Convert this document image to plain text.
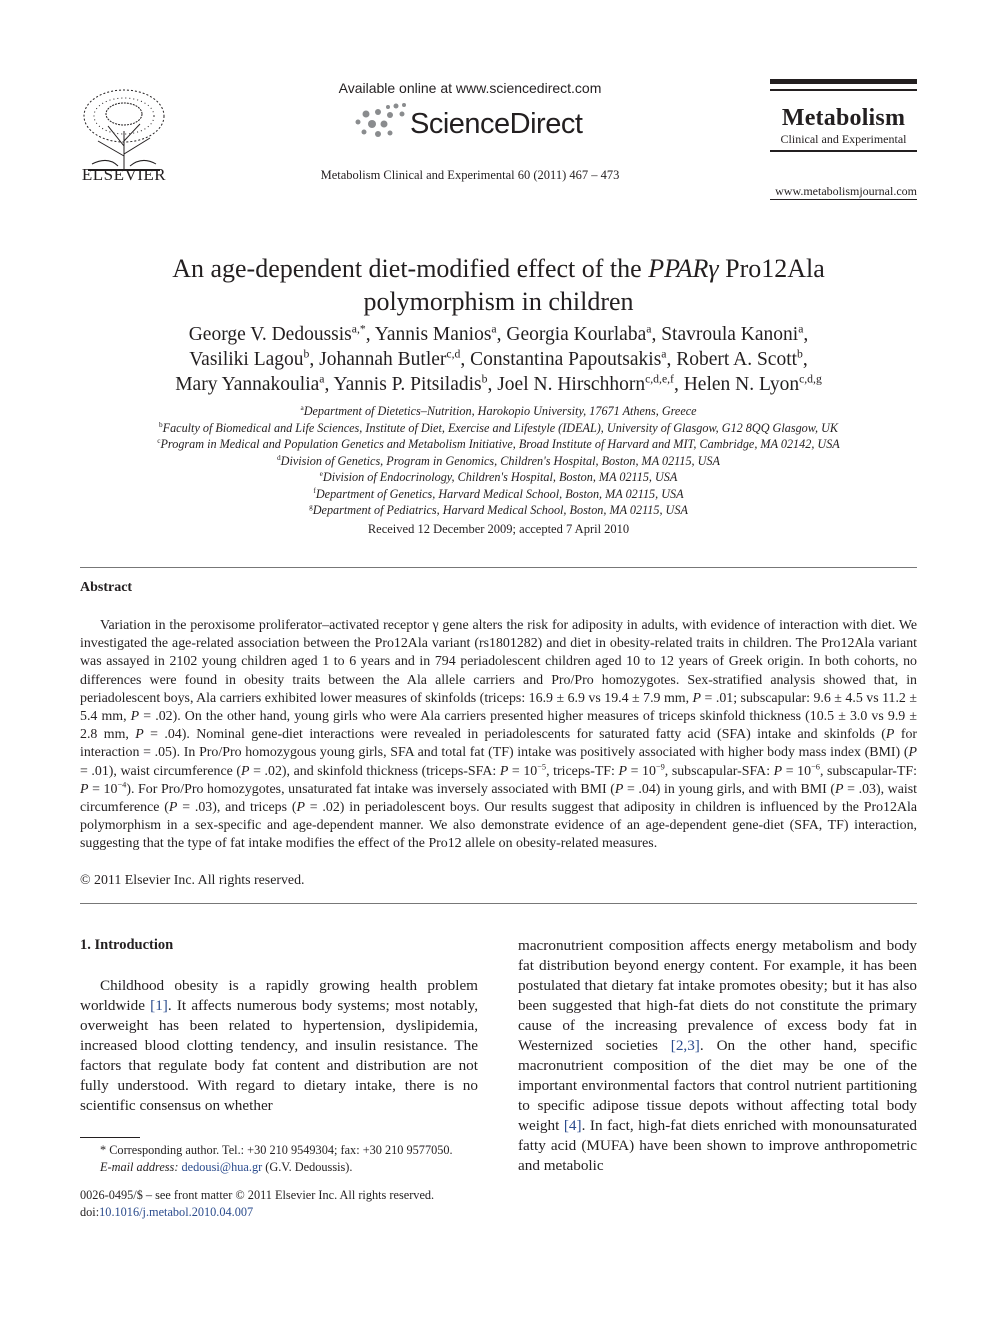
ELSEVIER
Available online at www.sciencedirect.com
ScienceDirect
Metabolism Clinical and Experimental 60 (2011) 467 – 473
Metabolism
Clinical and Experimental
www.metabolismjournal.com
An age-dependent diet-modified effect of the PPARγ Pro12Ala
polymorphism in children
George V. Dedoussis$^{a,*}$, Yannis Manios$^a$, Georgia Kourlaba$^a$, Stavroula Kanoni$^a$,
Vasiliki Lagou$^b$, Johannah Butler$^{c,d}$, Constantina Papoutsakis$^a$, Robert A. Scott$^b$,
Mary Yannakoulia$^a$, Yannis P. Pitsiladis$^b$, Joel N. Hirschhorn$^{c,d,e,f}$, Helen N. Lyon$^{c,d,g}$
$^a$Department of Dietetics–Nutrition, Harokopio University, 17671 Athens, Greece
$^b$Faculty of Biomedical and Life Sciences, Institute of Diet, Exercise and Lifestyle (IDEAL), University of Glasgow, G12 8QQ Glasgow, UK
$^c$Program in Medical and Population Genetics and Metabolism Initiative, Broad Institute of Harvard and MIT, Cambridge, MA 02142, USA
$^d$Division of Genetics, Program in Genomics, Children's Hospital, Boston, MA 02115, USA
$^e$Division of Endocrinology, Children's Hospital, Boston, MA 02115, USA
$^f$Department of Genetics, Harvard Medical School, Boston, MA 02115, USA
$^g$Department of Pediatrics, Harvard Medical School, Boston, MA 02115, USA
Received 12 December 2009; accepted 7 April 2010
Abstract
Variation in the peroxisome proliferator–activated receptor γ gene alters the risk for adiposity in adults, with evidence of interaction with diet. We investigated the age-related association between the Pro12Ala variant (rs1801282) and diet in obesity-related traits in children. The Pro12Ala variant was assayed in 2102 young children aged 1 to 6 years and in 794 periadolescent children aged 10 to 12 years of Greek origin. In both cohorts, no differences were found in obesity traits between the Ala allele carriers and Pro/Pro homozygotes. Sex-stratified analysis showed that, in periadolescent boys, Ala carriers exhibited lower measures of skinfolds (triceps: 16.9 ± 6.9 vs 19.4 ± 7.9 mm, P = .01; subscapular: 9.6 ± 4.5 vs 11.2 ± 5.4 mm, P = .02). On the other hand, young girls who were Ala carriers presented higher measures of triceps skinfold thickness (10.5 ± 3.0 vs 9.9 ± 2.8 mm, P = .04). Nominal gene-diet interactions were revealed in periadolescents for saturated fatty acid (SFA) intake and skinfolds (P for interaction = .05). In Pro/Pro homozygous young girls, SFA and total fat (TF) intake was positively associated with higher body mass index (BMI) (P = .01), waist circumference (P = .02), and skinfold thickness (triceps-SFA: $P = 10^{-5}$, triceps-TF: $P = 10^{-9}$, subscapular-SFA: $P = 10^{-6}$, subscapular-TF: $P = 10^{-4}$). For Pro/Pro homozygotes, unsaturated fat intake was inversely associated with BMI (P = .04) in young girls, and with BMI (P = .03), waist circumference (P = .03), and triceps (P = .02) in periadolescent boys. Our results suggest that adiposity in children is influenced by the Pro12Ala polymorphism in a sex-specific and age-dependent manner. We also demonstrate evidence of an age-dependent gene-diet (SFA, TF) interaction, suggesting that the type of fat intake modifies the effect of the Pro12 allele on obesity-related measures.
© 2011 Elsevier Inc. All rights reserved.
1. Introduction
Childhood obesity is a rapidly growing health problem worldwide [1]. It affects numerous body systems; most notably, overweight has been related to hypertension, dyslipidemia, increased blood clotting tendency, and insulin resistance. The factors that regulate body fat content and distribution are not fully understood. With regard to dietary intake, there is no scientific consensus on whether
macronutrient composition affects energy metabolism and body fat distribution beyond energy content. For example, it has been postulated that dietary fat intake promotes obesity; but it has also been suggested that high-fat diets do not constitute the primary cause of the increasing prevalence of excess body fat in Westernized societies [2,3]. On the other hand, specific macronutrient composition of the diet may be one of the important environmental factors that control nutrient partitioning to specific adipose tissue depots without affecting total body weight [4]. In fact, high-fat diets enriched with monounsaturated fatty acid (MUFA) have been shown to improve anthropometric and metabolic
* Corresponding author. Tel.: +30 210 9549304; fax: +30 210 9577050.
E-mail address: dedousi@hua.gr (G.V. Dedoussis).
0026-0495/$ – see front matter © 2011 Elsevier Inc. All rights reserved.
doi:10.1016/j.metabol.2010.04.007
